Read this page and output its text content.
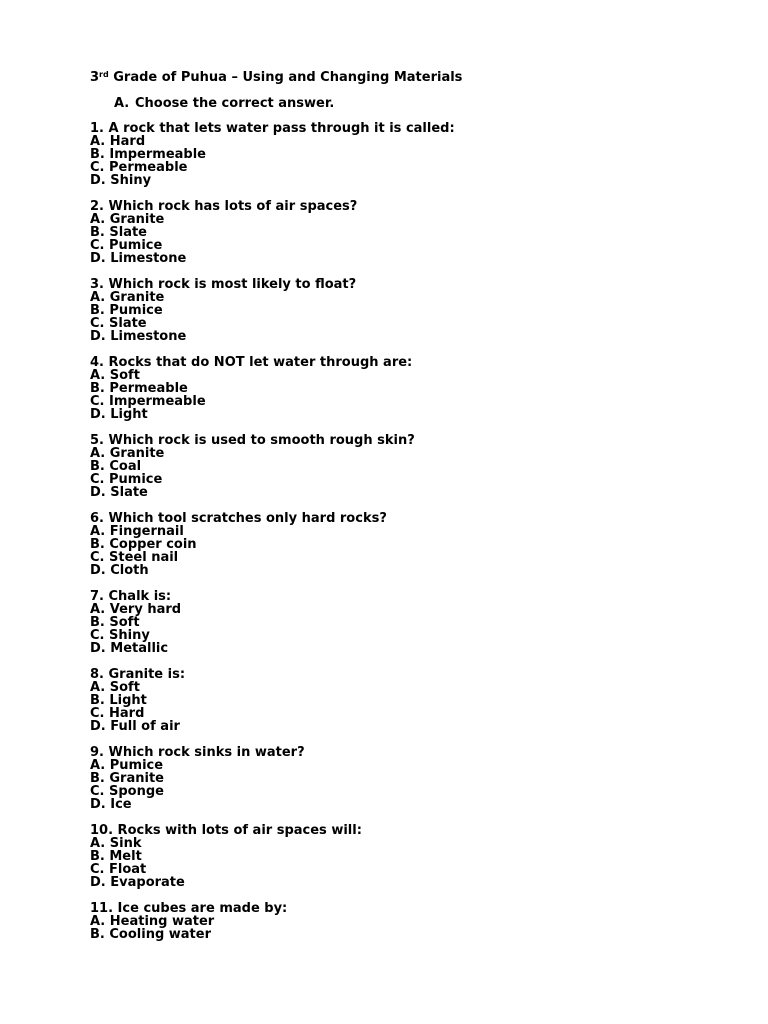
3rd Grade of Puhua – Using and Changing Materials
A. Choose the correct answer.
1. A rock that lets water pass through it is called:
A. Hard
B. Impermeable
C. Permeable
D. Shiny
2. Which rock has lots of air spaces?
A. Granite
B. Slate
C. Pumice
D. Limestone
3. Which rock is most likely to float?
A. Granite
B. Pumice
C. Slate
D. Limestone
4. Rocks that do NOT let water through are:
A. Soft
B. Permeable
C. Impermeable
D. Light
5. Which rock is used to smooth rough skin?
A. Granite
B. Coal
C. Pumice
D. Slate
6. Which tool scratches only hard rocks?
A. Fingernail
B. Copper coin
C. Steel nail
D. Cloth
7. Chalk is:
A. Very hard
B. Soft
C. Shiny
D. Metallic
8. Granite is:
A. Soft
B. Light
C. Hard
D. Full of air
9. Which rock sinks in water?
A. Pumice
B. Granite
C. Sponge
D. Ice
10. Rocks with lots of air spaces will:
A. Sink
B. Melt
C. Float
D. Evaporate
11. Ice cubes are made by:
A. Heating water
B. Cooling water
